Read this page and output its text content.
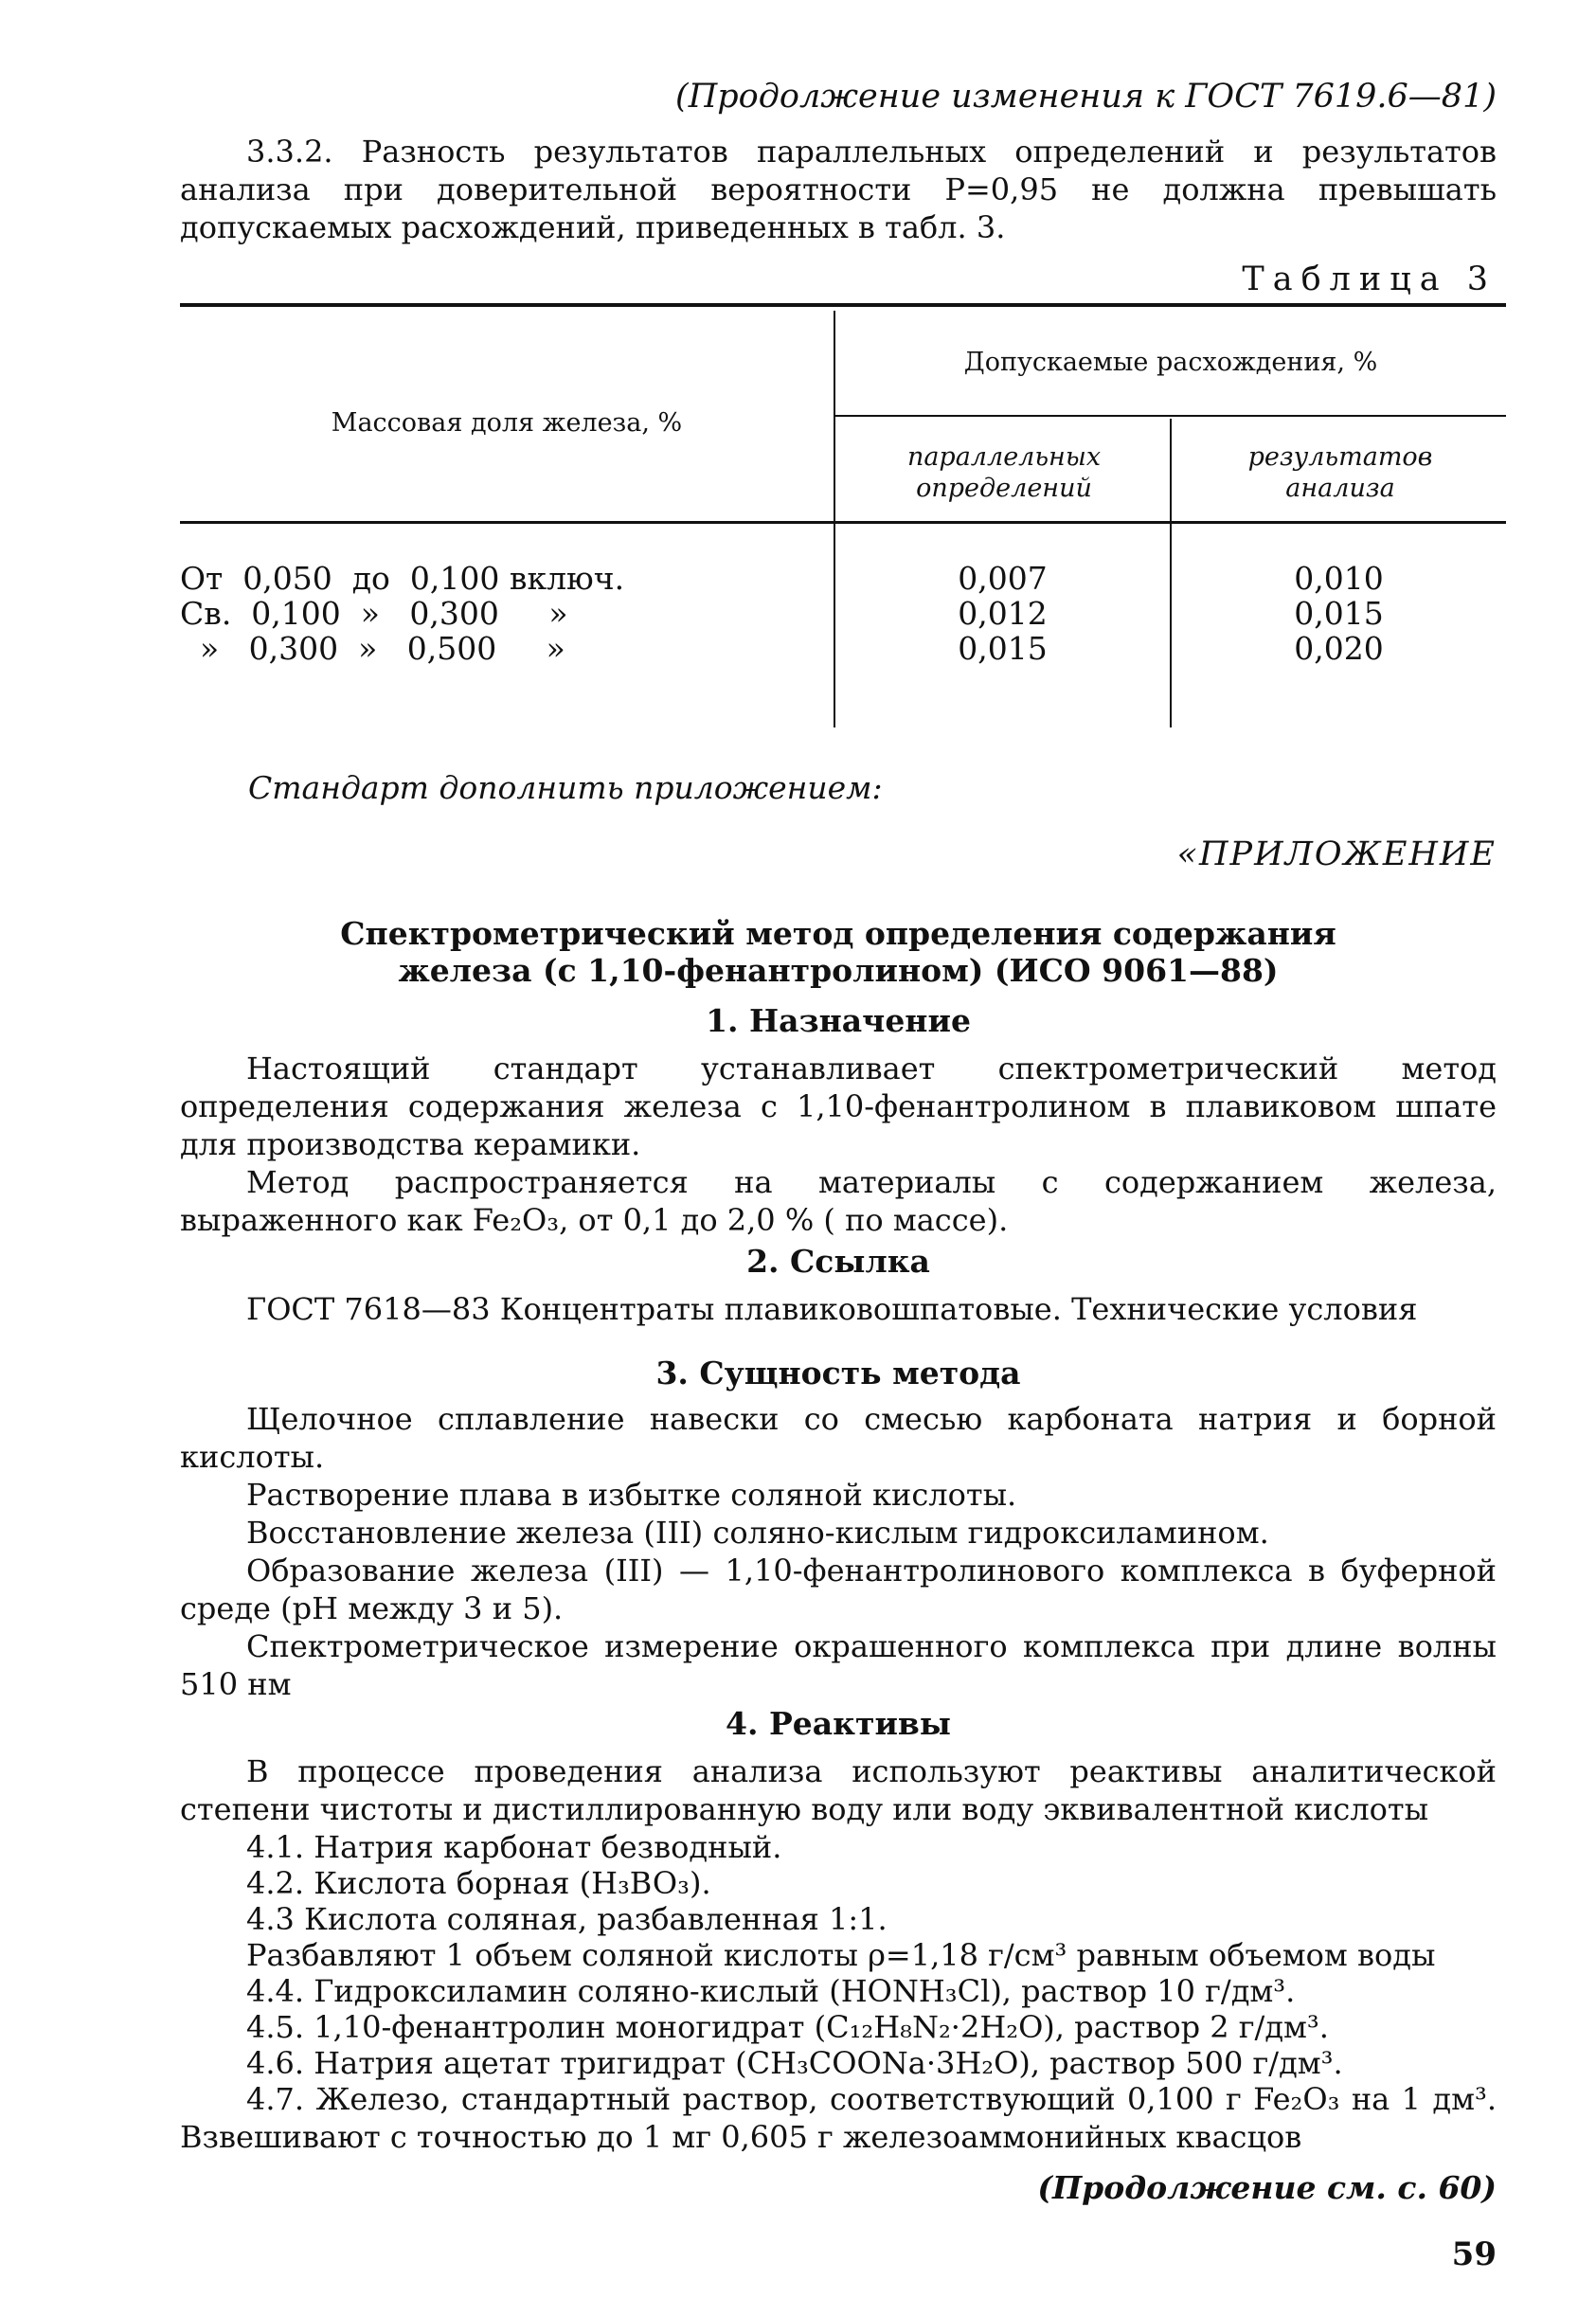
(Продолжение изменения к ГОСТ 7619.6—81)

3.3.2. Разность результатов параллельных определений и результатов анализа при доверительной вероятности P=0,95 не должна превышать допускаемых расхождений, приведенных в табл. 3.

Таблица 3
Массовая доля железа, %
Допускаемые расхождения, %
параллельных определений
результатов анализа
От  0,050  до  0,100 включ.
Св.  0,100  »   0,300     »
»   0,300  »   0,500     »
0,007
0,012
0,015
0,010
0,015
0,020
Стандарт дополнить приложением:
«ПРИЛОЖЕНИЕ
Спектрометрический метод определения содержания
железа (с 1,10-фенантролином) (ИСО 9061—88)
1. Назначение

Настоящий стандарт устанавливает спектрометрический метод определения содержания железа с 1,10-фенантролином в плавиковом шпате для производства керамики.

Метод распространяется на материалы с содержанием железа, выраженного как Fe₂O₃, от 0,1 до 2,0 % ( по массе).

2. Ссылка

ГОСТ 7618—83 Концентраты плавиковошпатовые. Технические условия

3. Сущность метода

Щелочное сплавление навески со смесью карбоната натрия и борной кислоты.

Растворение плава в избытке соляной кислоты.

Восстановление железа (III) соляно-кислым гидроксиламином.

Образование железа (III) — 1,10-фенантролинового комплекса в буферной среде (pH между 3 и 5).

Спектрометрическое измерение окрашенного комплекса при длине волны 510 нм

4. Реактивы

В процессе проведения анализа используют реактивы аналитической степени чистоты и дистиллированную воду или воду эквивалентной кислоты

4.1. Натрия карбонат безводный.

4.2. Кислота борная (H₃BO₃).

4.3 Кислота соляная, разбавленная 1:1.

Разбавляют 1 объем соляной кислоты ρ=1,18 г/см³ равным объемом воды

4.4. Гидроксиламин соляно-кислый (HONH₃Cl), раствор 10 г/дм³.

4.5. 1,10-фенантролин моногидрат (C₁₂H₈N₂·2H₂O), раствор 2 г/дм³.

4.6. Натрия ацетат тригидрат (CH₃COONa·3H₂O), раствор 500 г/дм³.

4.7. Железо, стандартный раствор, соответствующий 0,100 г Fe₂O₃ на 1 дм³. Взвешивают с точностью до 1 мг 0,605 г железоаммонийных квасцов

(Продолжение см. с. 60)
59
